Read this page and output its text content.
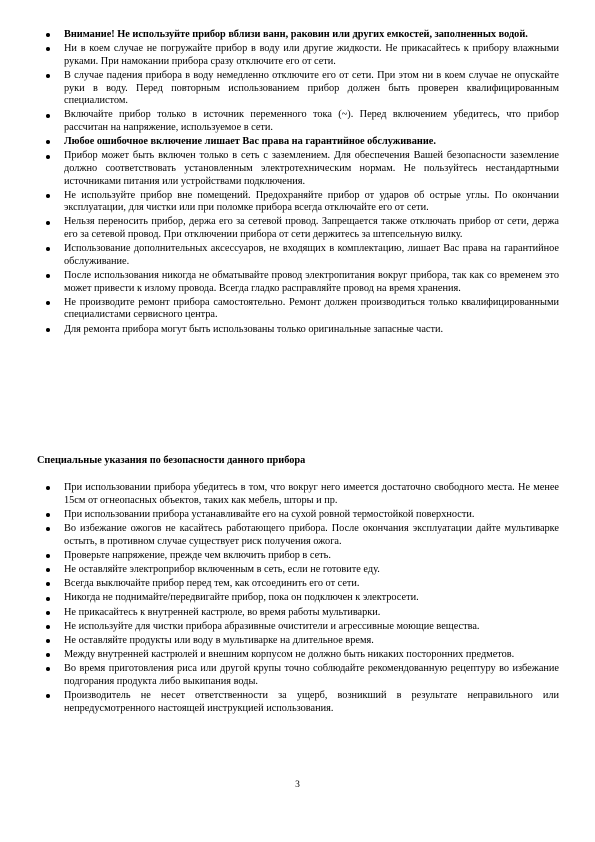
Внимание! Не используйте прибор вблизи ванн, раковин или других емкостей, заполненных водой.
Ни в коем случае не погружайте прибор в воду или другие жидкости. Не прикасайтесь к прибору влажными руками. При намокании прибора сразу отключите его от сети.
В случае падения прибора в воду немедленно отключите его от сети. При этом ни в коем случае не опускайте руки в воду. Перед повторным использованием прибор должен быть проверен квалифицированным специалистом.
Включайте прибор только в источник переменного тока (~). Перед включением убедитесь, что прибор рассчитан на напряжение, используемое в сети.
Любое ошибочное включение лишает Вас права на гарантийное обслуживание.
Прибор может быть включен только в сеть с заземлением. Для обеспечения Вашей безопасности заземление должно соответствовать установленным электротехническим нормам. Не пользуйтесь нестандартными источниками питания или устройствами подключения.
Не используйте прибор вне помещений. Предохраняйте прибор от ударов об острые углы. По окончании эксплуатации, для чистки или при поломке прибора всегда отключайте его от сети.
Нельзя переносить прибор, держа его за сетевой провод. Запрещается также отключать прибор от сети, держа его за сетевой провод. При отключении прибора от сети держитесь за штепсельную вилку.
Использование дополнительных аксессуаров, не входящих в комплектацию, лишает Вас права на гарантийное обслуживание.
После использования никогда не обматывайте провод электропитания вокруг прибора, так как со временем это может привести к излому провода. Всегда гладко расправляйте провод на время хранения.
Не производите ремонт прибора самостоятельно. Ремонт должен производиться только квалифицированными специалистами сервисного центра.
Для ремонта прибора могут быть использованы только оригинальные запасные части.
Специальные указания по безопасности данного прибора
При использовании прибора убедитесь в том, что вокруг него имеется достаточно свободного места. Не менее 15см от огнеопасных объектов, таких как мебель, шторы и пр.
При использовании прибора устанавливайте его на сухой ровной термостойкой поверхности.
Во избежание ожогов не касайтесь работающего прибора. После окончания эксплуатации дайте мультиварке остыть, в противном случае существует риск получения ожога.
Проверьте напряжение, прежде чем включить прибор в сеть.
Не оставляйте электроприбор включенным в сеть, если не готовите еду.
Всегда выключайте прибор перед тем, как отсоединить его от сети.
Никогда не поднимайте/передвигайте прибор, пока он подключен к электросети.
Не прикасайтесь к внутренней кастрюле, во время работы мультиварки.
Не используйте для чистки прибора абразивные очистители и агрессивные моющие вещества.
Не оставляйте продукты или воду в мультиварке на длительное время.
Между внутренней кастрюлей и внешним корпусом не должно быть никаких посторонних предметов.
Во время приготовления риса или другой крупы точно соблюдайте рекомендованную рецептуру во избежание подгорания продукта либо выкипания воды.
Производитель не несет ответственности за ущерб, возникший в результате неправильного или непредусмотренного настоящей инструкцией использования.
3
